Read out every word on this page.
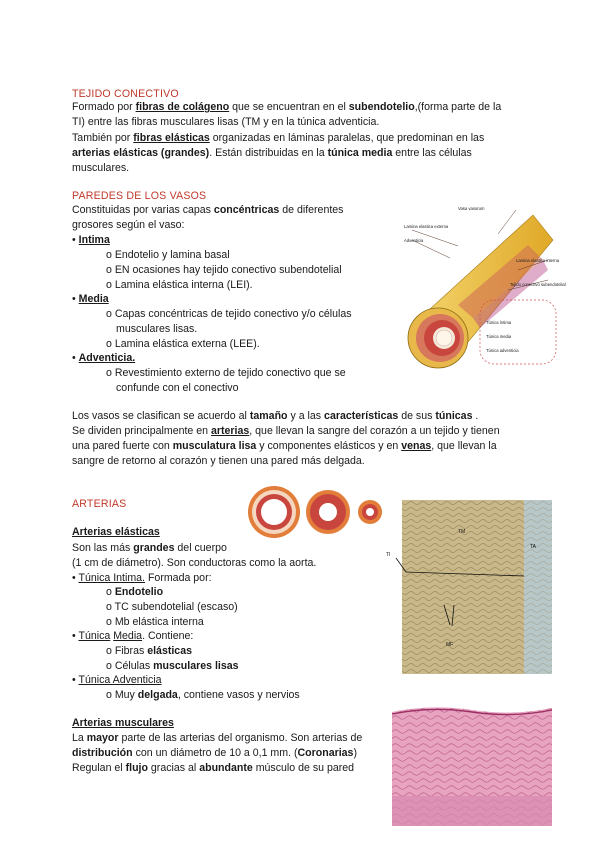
TEJIDO CONECTIVO
Formado por fibras de colágeno que se encuentran en el subendotelio,(forma parte de la
TI) entre las fibras musculares lisas (TM y en la túnica adventicia.
También por fibras elásticas organizadas en láminas paralelas, que predominan en las
arterias elásticas (grandes). Están distribuidas en la túnica media entre las células
musculares.
PAREDES DE LOS VASOS
Constituidas por varias capas concéntricas de diferentes
grosores según el vaso:
• Intima
o Endotelio y lamina basal
o EN ocasiones hay tejido conectivo subendotelial
o Lamina elástica interna (LEI).
• Media
o Capas concéntricas de tejido conectivo y/o células
musculares lisas.
o Lamina elástica externa (LEE).
• Adventicia.
o Revestimiento externo de tejido conectivo que se
confunde con el conectivo
Vasa vasorum
Lamina elastica externa
Adventicia
Lamina elastica interna
Tejido conectivo subendotelial
Túnica íntima
Túnica media
Túnica adventicia
Los vasos se clasifican se acuerdo al tamaño y a las características de sus túnicas .
Se dividen principalmente en arterias, que llevan la sangre del corazón a un tejido y tienen
una pared fuerte con musculatura lisa y componentes elásticos y en venas, que llevan la
sangre de retorno al corazón y tienen una pared más delgada.
ARTERIAS
Arterias elásticas
Son las más grandes del cuerpo
(1 cm de diámetro). Son conductoras como la aorta.
• Túnica Intima. Formada por:
o Endotelio
o TC subendotelial (escaso)
o Mb elástica interna
• Túnica Media. Contiene:
o Fibras elásticas
o Células musculares lisas
• Túnica Adventicia
o Muy delgada, contiene vasos y nervios
TM
TI
TA
MF
Arterias musculares
La mayor parte de las arterias del organismo. Son arterias de
distribución con un diámetro de 10 a 0,1 mm. (Coronarias)
Regulan el flujo gracias al abundante músculo de su pared
